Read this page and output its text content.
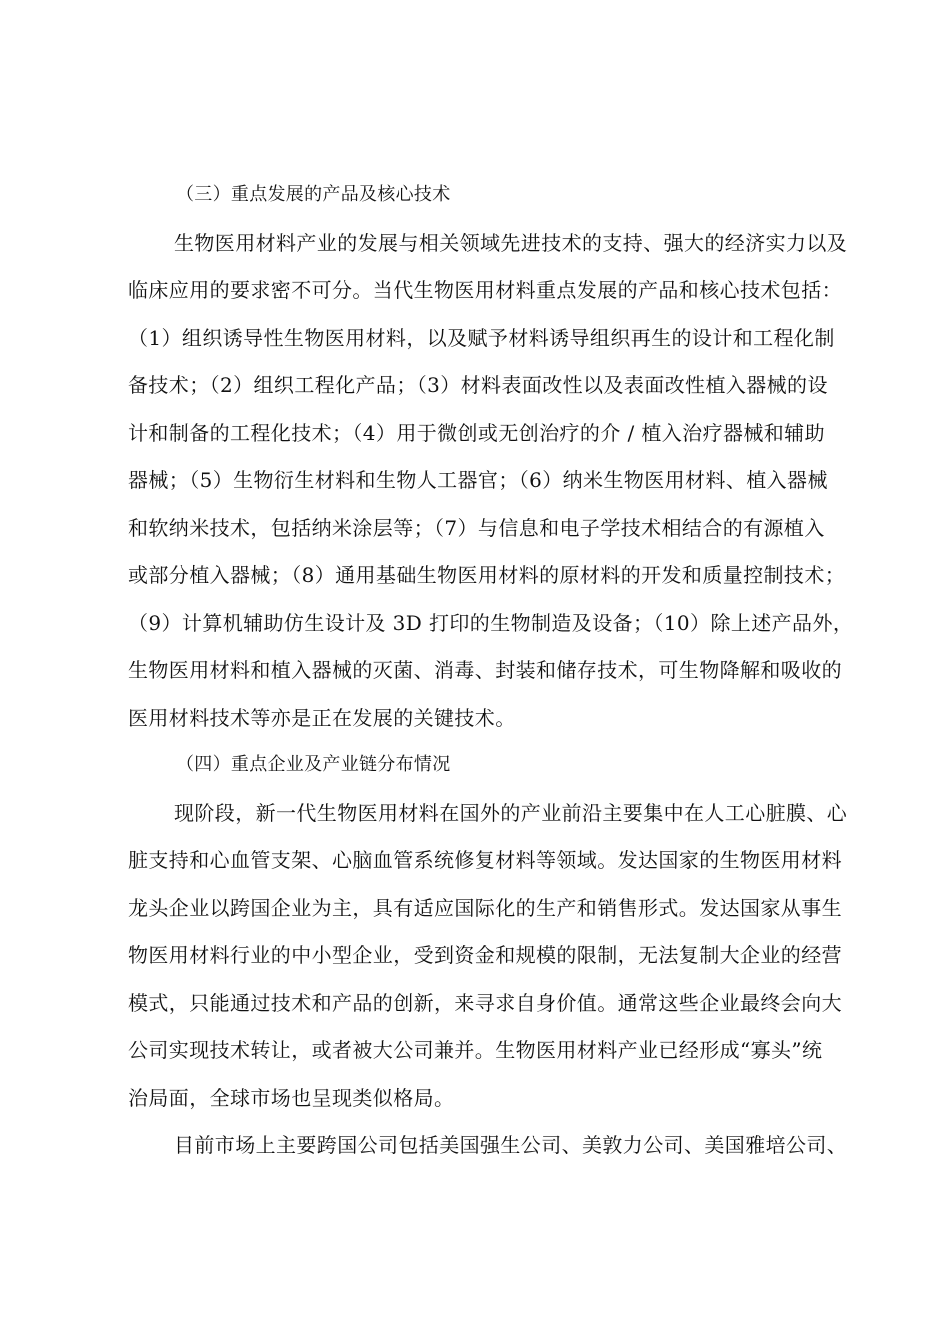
（三）重点发展的产品及核心技术
生物医用材料产业的发展与相关领域先进技术的支持、强大的经济实力以及
临床应用的要求密不可分。当代生物医用材料重点发展的产品和核心技术包括：
（1）组织诱导性生物医用材料，以及赋予材料诱导组织再生的设计和工程化制
备技术；（2）组织工程化产品；（3）材料表面改性以及表面改性植入器械的设
计和制备的工程化技术；（4）用于微创或无创治疗的介 / 植入治疗器械和辅助
器械；（5）生物衍生材料和生物人工器官；（6）纳米生物医用材料、植入器械
和软纳米技术，包括纳米涂层等；（7）与信息和电子学技术相结合的有源植入
或部分植入器械；（8）通用基础生物医用材料的原材料的开发和质量控制技术；
（9）计算机辅助仿生设计及 3D 打印的生物制造及设备；（10）除上述产品外，
生物医用材料和植入器械的灭菌、消毒、封装和储存技术，可生物降解和吸收的
医用材料技术等亦是正在发展的关键技术。
（四）重点企业及产业链分布情况
现阶段，新一代生物医用材料在国外的产业前沿主要集中在人工心脏膜、心
脏支持和心血管支架、心脑血管系统修复材料等领域。发达国家的生物医用材料
龙头企业以跨国企业为主，具有适应国际化的生产和销售形式。发达国家从事生
物医用材料行业的中小型企业，受到资金和规模的限制，无法复制大企业的经营
模式，只能通过技术和产品的创新，来寻求自身价值。通常这些企业最终会向大
公司实现技术转让，或者被大公司兼并。生物医用材料产业已经形成“寡头”统
治局面，全球市场也呈现类似格局。
目前市场上主要跨国公司包括美国强生公司、美敦力公司、美国雅培公司、
